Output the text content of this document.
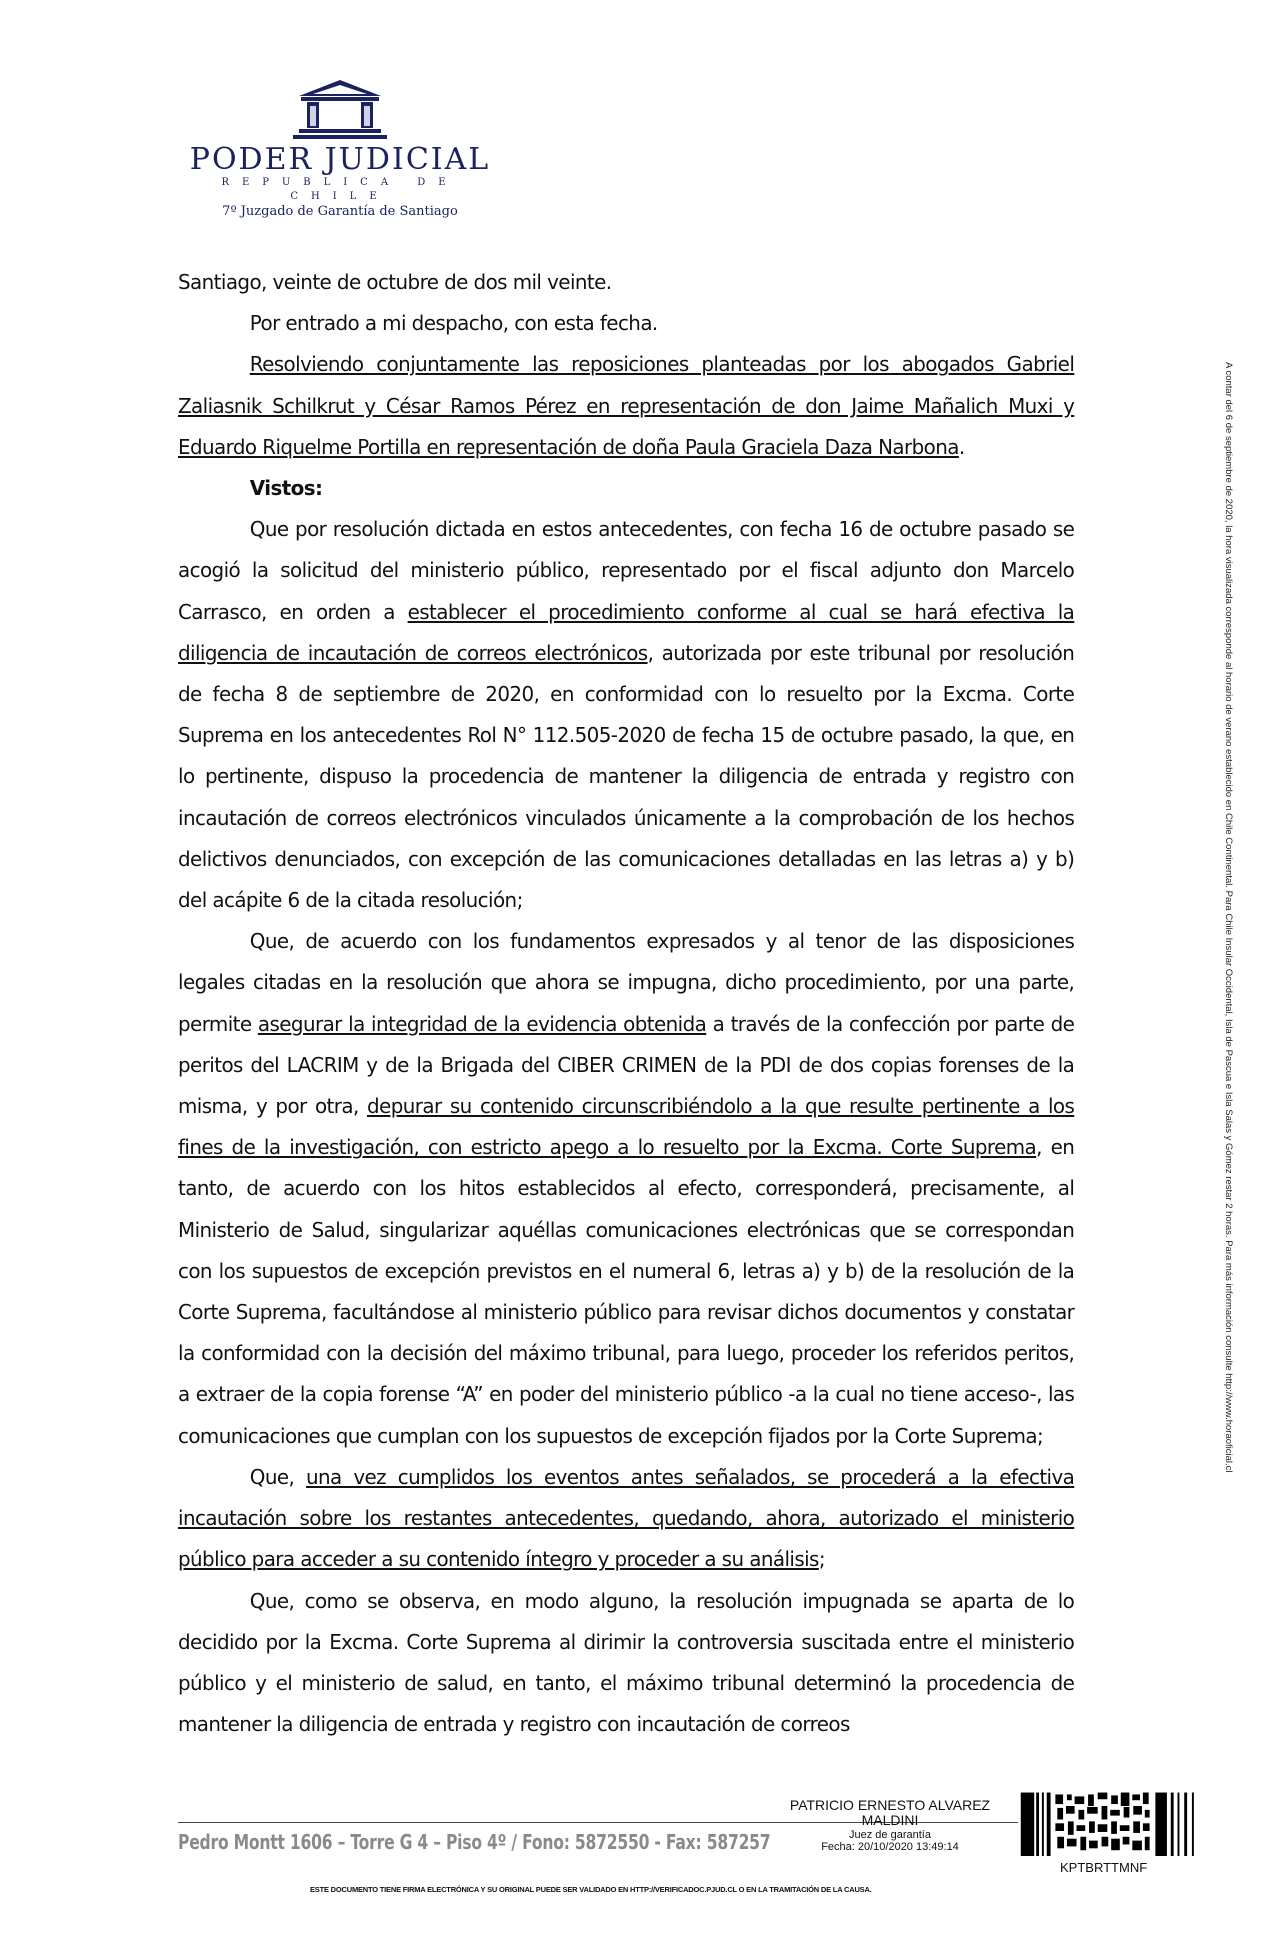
PODER JUDICIAL
REPUBLICA DE CHILE
7º Juzgado de Garantía de Santiago

Santiago, veinte de octubre de dos mil veinte.

Por entrado a mi despacho, con esta fecha.

Resolviendo conjuntamente las reposiciones planteadas por los abogados Gabriel Zaliasnik Schilkrut y César Ramos Pérez en representación de don Jaime Mañalich Muxi y Eduardo Riquelme Portilla en representación de doña Paula Graciela Daza Narbona.

Vistos:

Que por resolución dictada en estos antecedentes, con fecha 16 de octubre pasado se acogió la solicitud del ministerio público, representado por el fiscal adjunto don Marcelo Carrasco, en orden a establecer el procedimiento conforme al cual se hará efectiva la diligencia de incautación de correos electrónicos, autorizada por este tribunal por resolución de fecha 8 de septiembre de 2020, en conformidad con lo resuelto por la Excma. Corte Suprema en los antecedentes Rol N° 112.505-2020 de fecha 15 de octubre pasado, la que, en lo pertinente, dispuso la procedencia de mantener la diligencia de entrada y registro con incautación de correos electrónicos vinculados únicamente a la comprobación de los hechos delictivos denunciados, con excepción de las comunicaciones detalladas en las letras a) y b) del acápite 6 de la citada resolución;

Que, de acuerdo con los fundamentos expresados y al tenor de las disposiciones legales citadas en la resolución que ahora se impugna, dicho procedimiento, por una parte, permite asegurar la integridad de la evidencia obtenida a través de la confección por parte de peritos del LACRIM y de la Brigada del CIBER CRIMEN de la PDI de dos copias forenses de la misma, y por otra, depurar su contenido circunscribiéndolo a la que resulte pertinente a los fines de la investigación, con estricto apego a lo resuelto por la Excma. Corte Suprema, en tanto, de acuerdo con los hitos establecidos al efecto, corresponderá, precisamente, al Ministerio de Salud, singularizar aquéllas comunicaciones electrónicas que se correspondan con los supuestos de excepción previstos en el numeral 6, letras a) y b) de la resolución de la Corte Suprema, facultándose al ministerio público para revisar dichos documentos y constatar la conformidad con la decisión del máximo tribunal, para luego, proceder los referidos peritos, a extraer de la copia forense “A” en poder del ministerio público -a la cual no tiene acceso-, las comunicaciones que cumplan con los supuestos de excepción fijados por la Corte Suprema;

Que, una vez cumplidos los eventos antes señalados, se procederá a la efectiva incautación sobre los restantes antecedentes, quedando, ahora, autorizado el ministerio público para acceder a su contenido íntegro y proceder a su análisis;

Que, como se observa, en modo alguno, la resolución impugnada se aparta de lo decidido por la Excma. Corte Suprema al dirimir la controversia suscitada entre el ministerio público y el ministerio de salud, en tanto, el máximo tribunal determinó la procedencia de mantener la diligencia de entrada y registro con incautación de correos

A contar del 6 de septiembre de 2020, la hora visualizada corresponde al horario de verano establecido en Chile Continental. Para Chile Insular Occidental, Isla de Pascua e Isla Salas y Gómez restar 2 horas. Para más información consulte http://www.horaoficial.cl
Pedro Montt 1606 – Torre G 4 – Piso 4º / Fono: 5872550 - Fax: 587257
PATRICIO ERNESTO ALVAREZ MALDINI
Juez de garantía
Fecha: 20/10/2020 13:49:14
KPTBRTTMNF
ESTE DOCUMENTO TIENE FIRMA ELECTRÓNICA Y SU ORIGINAL PUEDE SER VALIDADO EN HTTP://VERIFICADOC.PJUD.CL O EN LA TRAMITACIÓN DE LA CAUSA.
